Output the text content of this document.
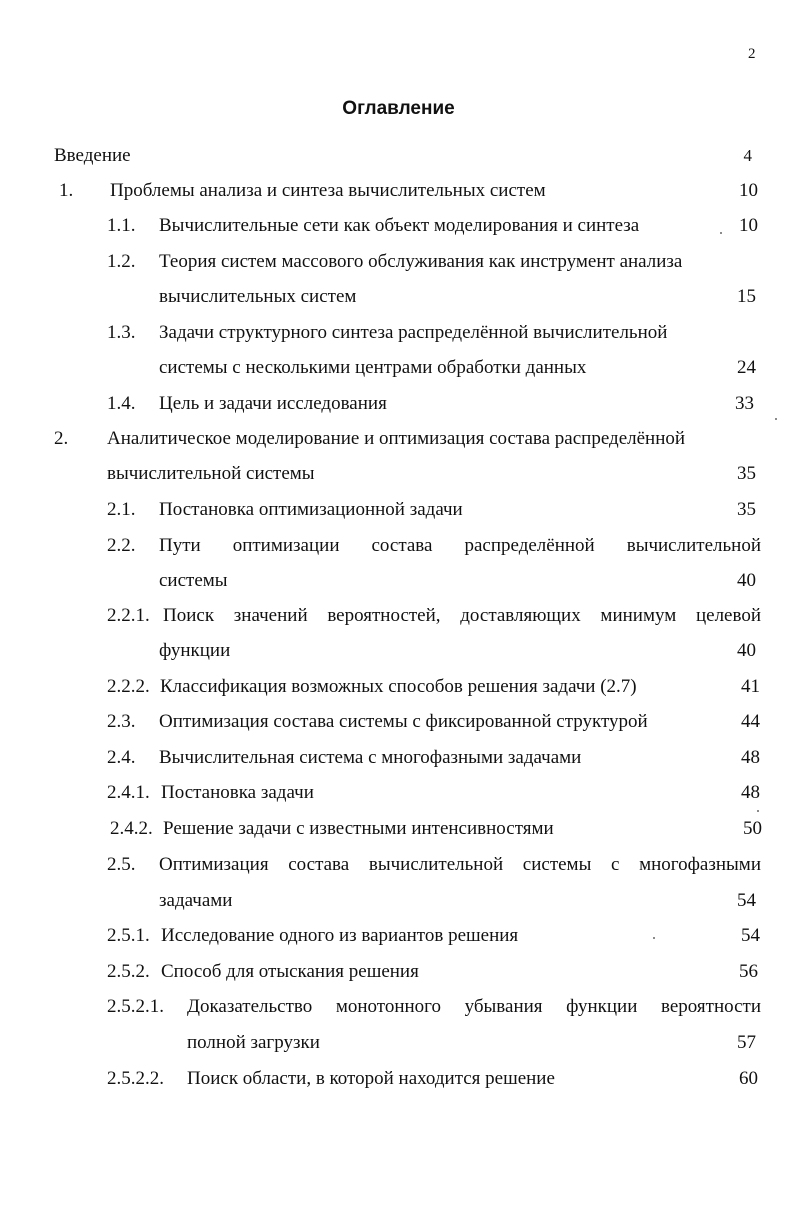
2
Оглавление
Введение	4
1. Проблемы анализа и синтеза вычислительных систем	10
1.1. Вычислительные сети как объект моделирования и синтеза	10
1.2. Теория систем массового обслуживания как инструмент анализа
вычислительных систем	15
1.3. Задачи структурного синтеза распределённой вычислительной
системы с несколькими центрами обработки данных	24
1.4. Цель и задачи исследования	33
2. Аналитическое моделирование и оптимизация состава распределённой
вычислительной системы	35
2.1. Постановка оптимизационной задачи	35
2.2. Пути оптимизации состава распределённой вычислительной
системы	40
2.2.1. Поиск значений вероятностей, доставляющих минимум целевой
функции	40
2.2.2. Классификация возможных способов решения задачи (2.7)	41
2.3. Оптимизация состава системы с фиксированной структурой	44
2.4. Вычислительная система с многофазными задачами	48
2.4.1. Постановка задачи	48
2.4.2. Решение задачи с известными интенсивностями	50
2.5. Оптимизация состава вычислительной системы с многофазными
задачами	54
2.5.1. Исследование одного из вариантов решения	54
2.5.2. Способ для отыскания решения	56
2.5.2.1. Доказательство монотонного убывания функции вероятности
полной загрузки	57
2.5.2.2. Поиск области, в которой находится решение	60
